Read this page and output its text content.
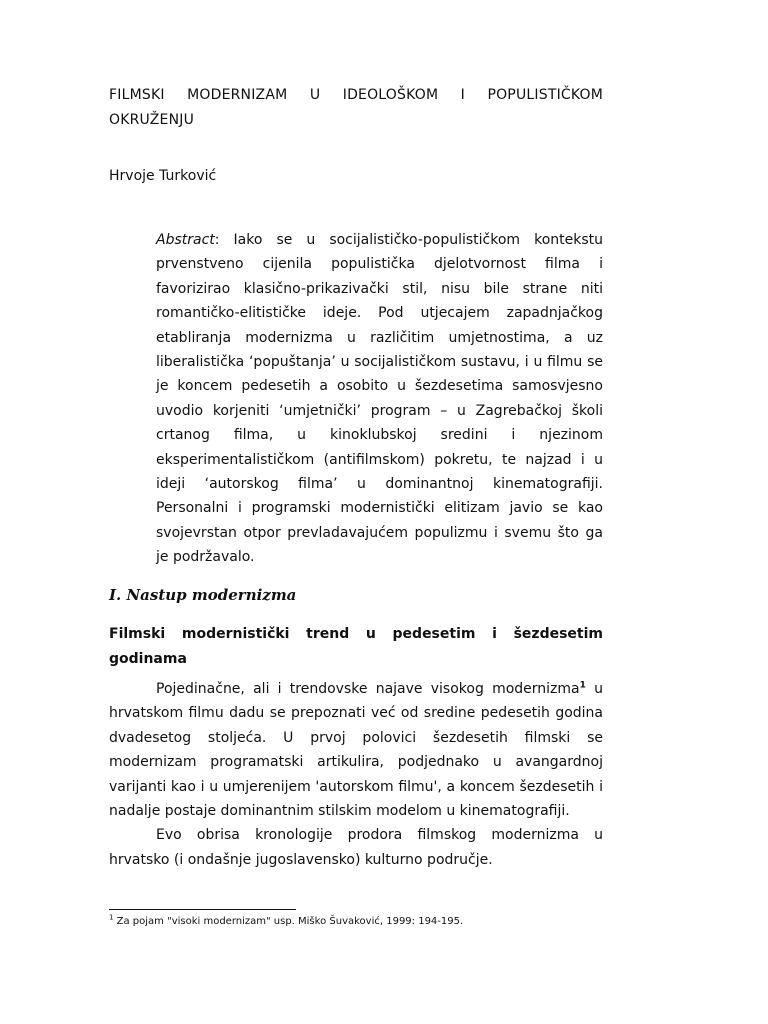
FILMSKI MODERNIZAM U IDEOLOŠKOM I POPULISTIČKOM OKRUŽENJU
Hrvoje Turković
Abstract: Iako se u socijalističko-populističkom kontekstu prvenstveno cijenila populistička djelotvornost filma i favorizirao klasično-prikazivački stil, nisu bile strane niti romantičko-elitističke ideje. Pod utjecajem zapadnjačkog etabliranja modernizma u različitim umjetnostima, a uz liberalistička ‘popuštanja’ u socijalističkom sustavu, i u filmu se je koncem pedesetih a osobito u šezdesetima samosvjesno uvodio korjeniti ‘umjetnički’ program – u Zagrebačkoj školi crtanog filma, u kinoklubskoj sredini i njezinom eksperimentalističkom (antifilmskom) pokretu, te najzad i u ideji ‘autorskog filma’ u dominantnoj kinematografiji. Personalni i programski modernistički elitizam javio se kao svojevrstan otpor prevladavajućem populizmu i svemu što ga je podržavalo.
I. Nastup modernizma
Filmski modernistički trend u pedesetim i šezdesetim godinama

Pojedinačne, ali i trendovske najave visokog modernizma$^1$ u hrvatskom filmu dadu se prepoznati već od sredine pedesetih godina dvadesetog stoljeća. U prvoj polovici šezdesetih filmski se modernizam programatski artikulira, podjednako u avangardnoj varijanti kao i u umjerenijem 'autorskom filmu', a koncem šezdesetih i nadalje postaje dominantnim stilskim modelom u kinematografiji.

Evo obrisa kronologije prodora filmskog modernizma u hrvatsko (i ondašnje jugoslavensko) kulturno područje.

$^1$ Za pojam "visoki modernizam" usp. Miško Šuvaković, 1999: 194-195.
